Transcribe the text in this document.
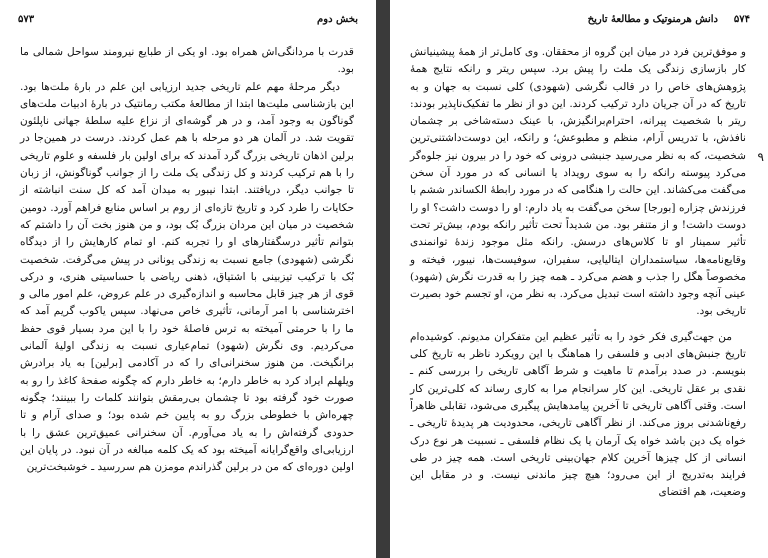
بخش دوم
۵۷۳

قدرت با مردانگی‌اش همراه بود. او یکی از طبایع نیرومند سواحل شمالی ما بود.

دیگر مرحلهٔ مهم علم تاریخی جدید ارزیابی این علم در بارهٔ ملت‌ها بود. این بازشناسی ملیت‌ها ابتدا از مطالعهٔ مکتب رمانتیک در بارهٔ ادبیات ملت‌های گوناگون به وجود آمد، و در هر گوشه‌ای از نزاع علیه سلطهٔ جهانی ناپلئون تقویت شد. در آلمان هر دو مرحله با هم عمل کردند. درست در همین‌جا در برلین اذهان تاریخی بزرگ گرد آمدند که برای اولین بار فلسفه و علوم تاریخی را با هم ترکیب کردند و کل زندگی یک ملت را از جوانب گوناگونش، از زبان تا جوانب دیگر، دریافتند. ابتدا نیبور به میدان آمد که کل سنت انباشته از حکایات را طرد کرد و تاریخ تازه‌ای از روم بر اساس منابع فراهم آورد. دومین شخصیت در میان این مردان بزرگ بُک بود، و من هنوز بخت آن را داشتم که بتوانم تأثیر درسگفتارهای او را تجربه کنم. او تمام کارهایش را از دیدگاه نگرشی (شهودی) جامع نسبت به زندگی یونانی در پیش می‌گرفت. شخصیت بُک با ترکیب تیزبینی با اشتیاق، ذهنی ریاضی با حساسیتی هنری، و درکی قوی از هر چیز قابل محاسبه و اندازه‌گیری در علم عروض، علم امور مالی و اخترشناسی با امر آرمانی، تأثیری خاص می‌نهاد. سپس یاکوب گریم آمد که ما را با حرمتی آمیخته به ترس فاصلهٔ خود را با این مرد بسیار قوی حفظ می‌کردیم. وی نگرش (شهود) تمام‌عیاری نسبت به زندگی اولیهٔ آلمانی برانگیخت. من هنوز سخنرانی‌ای را که در آکادمی [برلین] به یاد برادرش ویلهلم ایراد کرد به خاطر دارم؛ به خاطر دارم که چگونه صفحهٔ کاغذ را رو به صورت خود گرفته بود تا چشمان بی‌رمقش بتوانند کلمات را ببینند؛ چگونه چهره‌اش با خطوطی بزرگ رو به پایین خم شده بود؛ و صدای آرام و تا حدودی گرفته‌اش را به یاد می‌آورم. آن سخنرانی عمیق‌ترین عشق را با ارزیابی‌ای واقع‌گرایانه آمیخته بود که یک کلمه مبالغه در آن نبود. در پایان این اولین دوره‌ای که من در برلین گذراندم مومزن هم سررسید ـ خوشبخت‌ترین

۵۷۴
دانش هرمنوتیک و مطالعهٔ تاریخ
۹

و موفق‌ترین فرد در میان این گروه از محققان. وی کامل‌تر از همهٔ پیشینیانش کار بازسازی زندگی یک ملت را پیش برد. سپس ریتر و رانکه نتایج همهٔ پژوهش‌های خاص را در قالب نگرشی (شهودی) کلی نسبت به جهان و به تاریخ که در آن جریان دارد ترکیب کردند. این دو از نظر ما تفکیک‌ناپذیر بودند: ریتر با شخصیت پیرانه، احترام‌برانگیزش، با عینک دسته‌شاخی بر چشمان نافذش، با تدریس آرام، منظم و مطبوعش؛ و رانکه، این دوست‌داشتنی‌ترین شخصیت، که به نظر می‌رسید جنبشی درونی که خود را در بیرون نیز جلوه‌گر می‌کرد پیوسته رانکه را به سوی رویداد یا انسانی که در مورد آن سخن می‌گفت می‌کشاند. این حالت را هنگامی که در مورد رابطهٔ الکساندر ششم با فرزندش چزاره [بورجا] سخن می‌گفت به یاد دارم: او را دوست داشت؟ او را دوست داشت! و از متنفر بود. من شدیداً تحت تأثیر رانکه بودم، بیش‌تر تحت تأثیر سمینار او تا کلاس‌های درسش. رانکه مثل موجود زندهٔ توانمندی وقایع‌نامه‌ها، سیاستمداران ایتالیایی، سفیران، سوفیست‌ها، نیبور، فیخته و مخصوصاً هگل را جذب و هضم می‌کرد ـ همه چیز را به قدرت نگرش (شهود) عینی آنچه وجود داشته است تبدیل می‌کرد. به نظر من، او تجسم خود بصیرت تاریخی بود.

من جهت‌گیری فکر خود را به تأثیر عظیم این متفکران مدیونم. کوشیده‌ام تاریخ جنبش‌های ادبی و فلسفی را هماهنگ با این رویکرد ناظر به تاریخ کلی بنویسم. در صدد برآمدم تا ماهیت و شرط آگاهی تاریخی را بررسی کنم ـ نقدی بر عقل تاریخی. این کار سرانجام مرا به کاری رساند که کلی‌ترین کار است. وقتی آگاهی تاریخی تا آخرین پیامدهایش پیگیری می‌شود، تقابلی ظاهراً رفع‌ناشدنی بروز می‌کند. از نظر آگاهی تاریخی، محدودیت هر پدیدهٔ تاریخی ـ خواه یک دین باشد خواه یک آرمان یا یک نظام فلسفی ـ نسبیت هر نوع درک انسانی از کل چیزها آخرین کلام جهان‌بینی تاریخی است. همه چیز در طی فرایند به‌تدریج از این می‌رود؛ هیچ چیز ماندنی نیست. و در مقابل این وضعیت، هم اقتضای
